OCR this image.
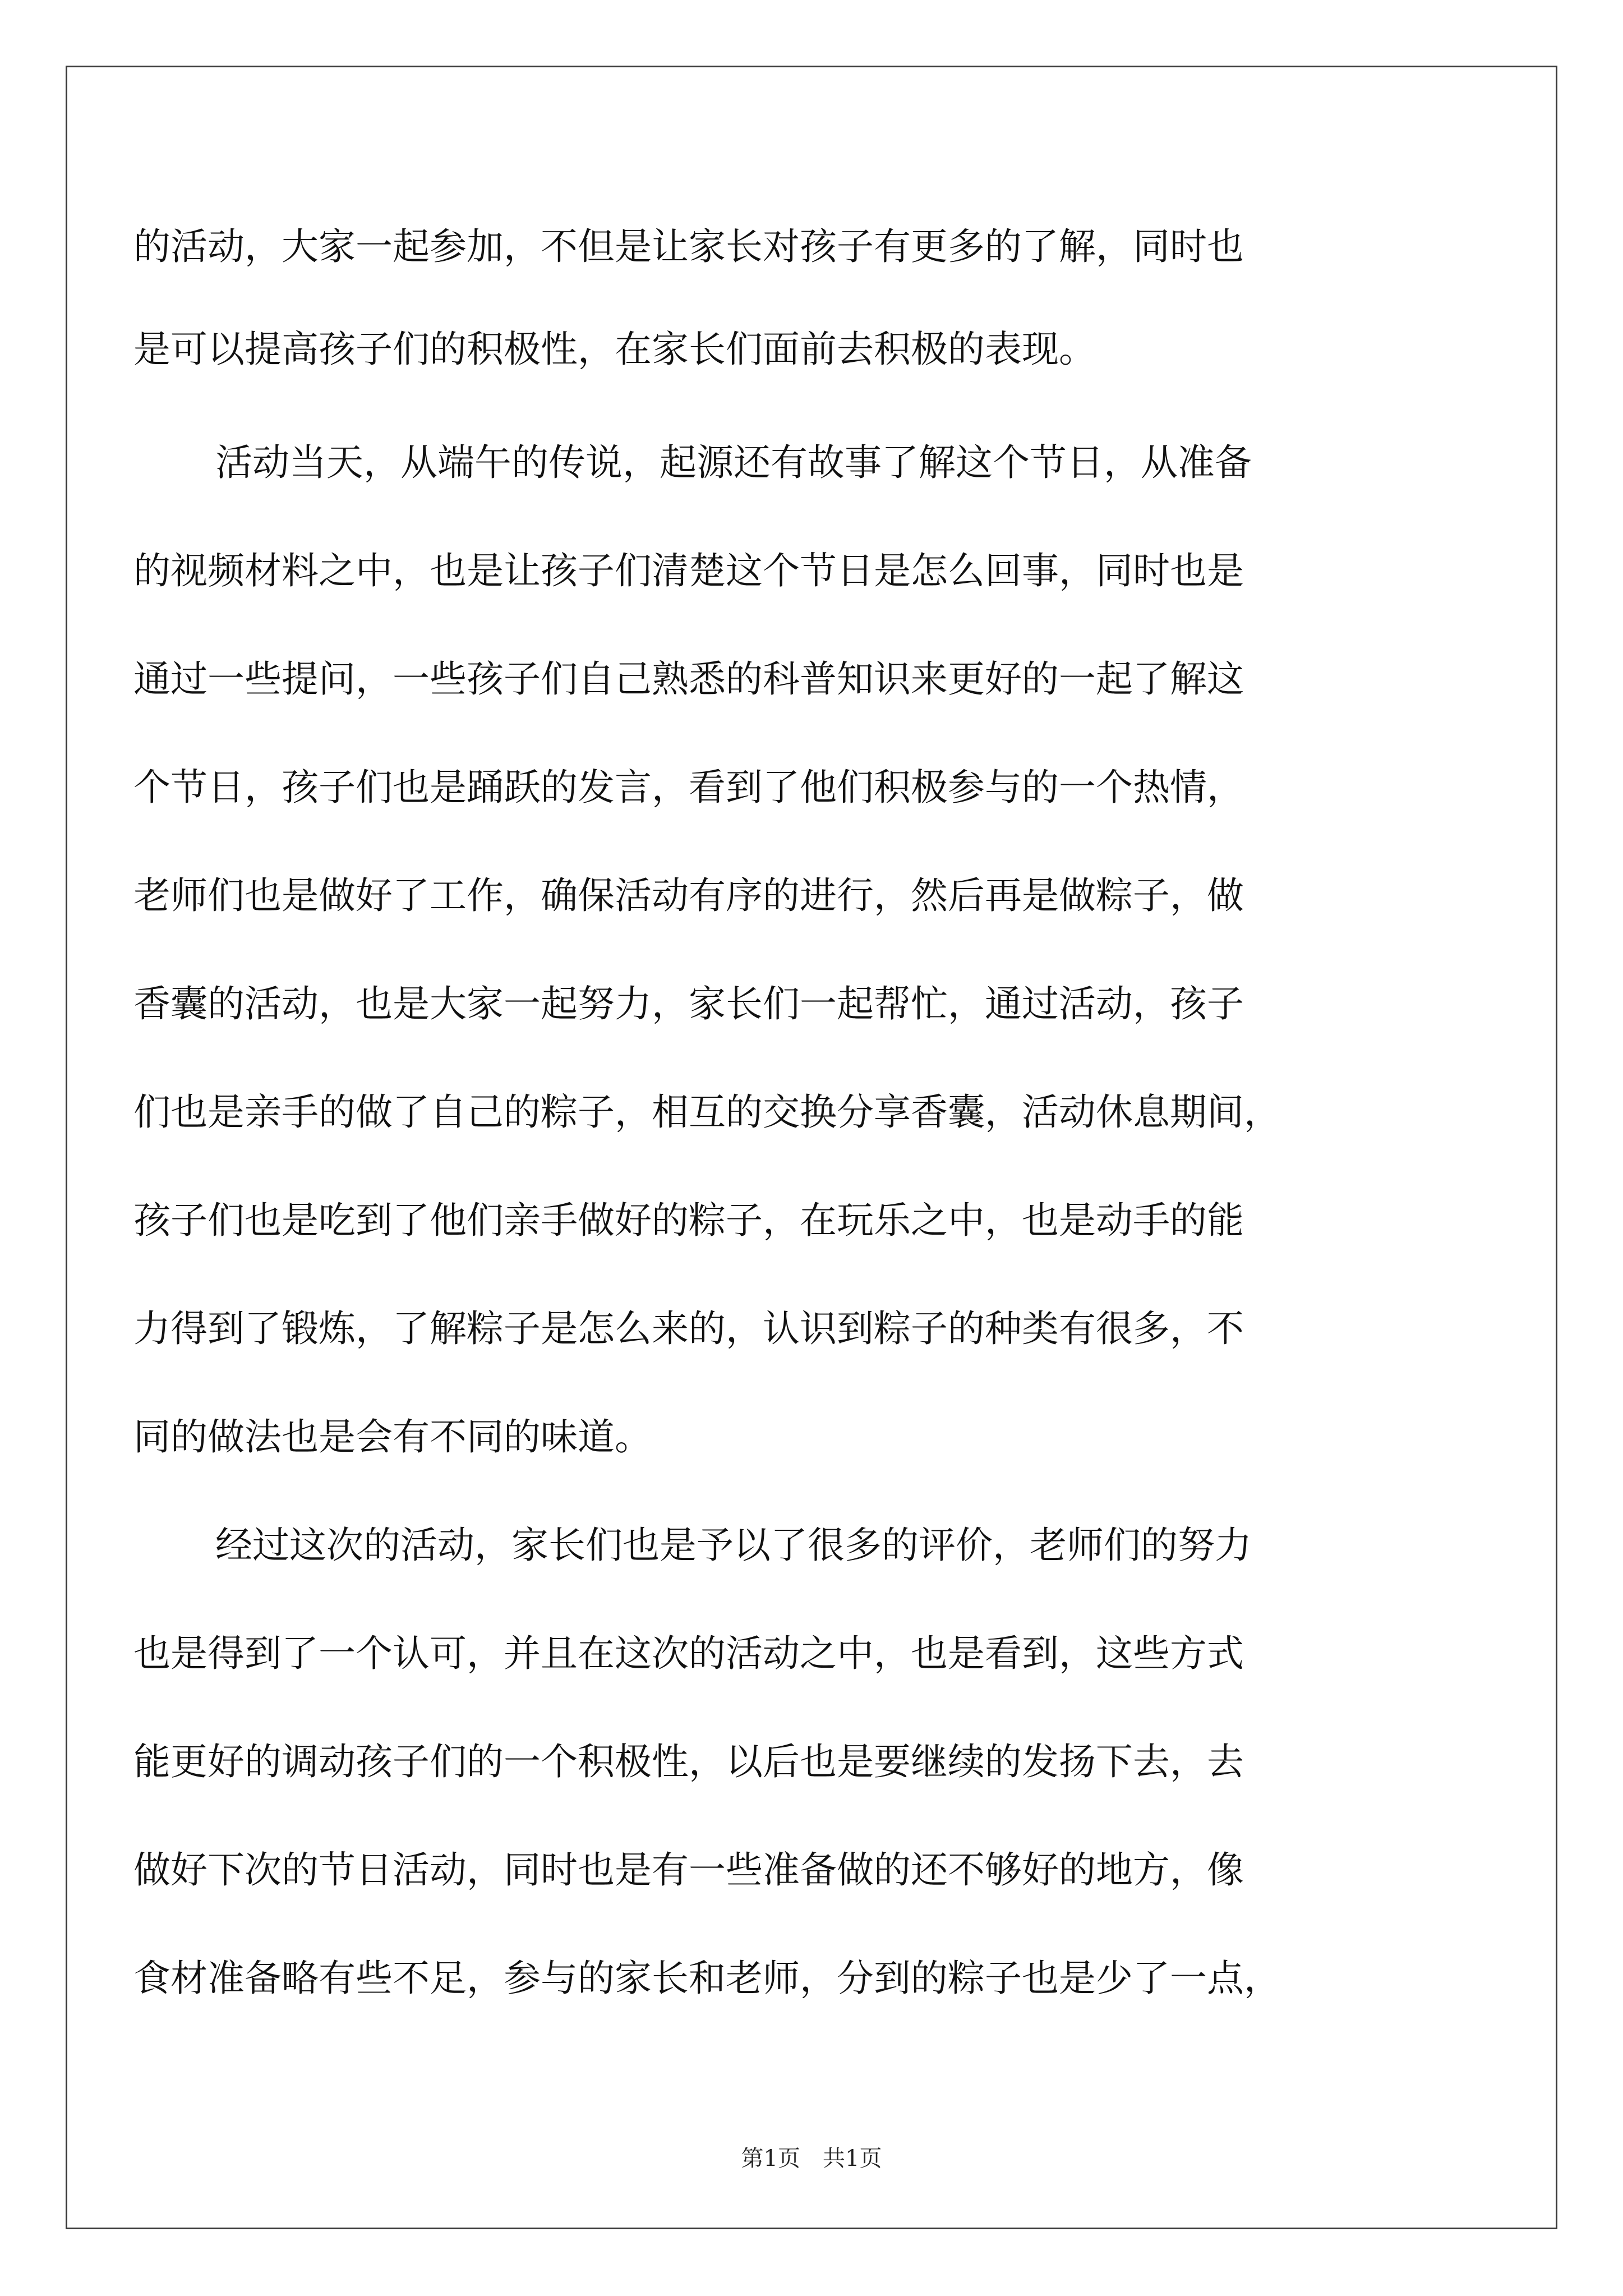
的活动，大家一起参加，不但是让家长对孩子有更多的了解，同时也
是可以提高孩子们的积极性，在家长们面前去积极的表现。
活动当天，从端午的传说，起源还有故事了解这个节日，从准备
的视频材料之中，也是让孩子们清楚这个节日是怎么回事，同时也是
通过一些提问，一些孩子们自己熟悉的科普知识来更好的一起了解这
个节日，孩子们也是踊跃的发言，看到了他们积极参与的一个热情，
老师们也是做好了工作，确保活动有序的进行，然后再是做粽子，做
香囊的活动，也是大家一起努力，家长们一起帮忙，通过活动，孩子
们也是亲手的做了自己的粽子，相互的交换分享香囊，活动休息期间，
孩子们也是吃到了他们亲手做好的粽子，在玩乐之中，也是动手的能
力得到了锻炼，了解粽子是怎么来的，认识到粽子的种类有很多，不
同的做法也是会有不同的味道。
经过这次的活动，家长们也是予以了很多的评价，老师们的努力
也是得到了一个认可，并且在这次的活动之中，也是看到，这些方式
能更好的调动孩子们的一个积极性，以后也是要继续的发扬下去，去
做好下次的节日活动，同时也是有一些准备做的还不够好的地方，像
食材准备略有些不足，参与的家长和老师，分到的粽子也是少了一点，
第1页　共1页
